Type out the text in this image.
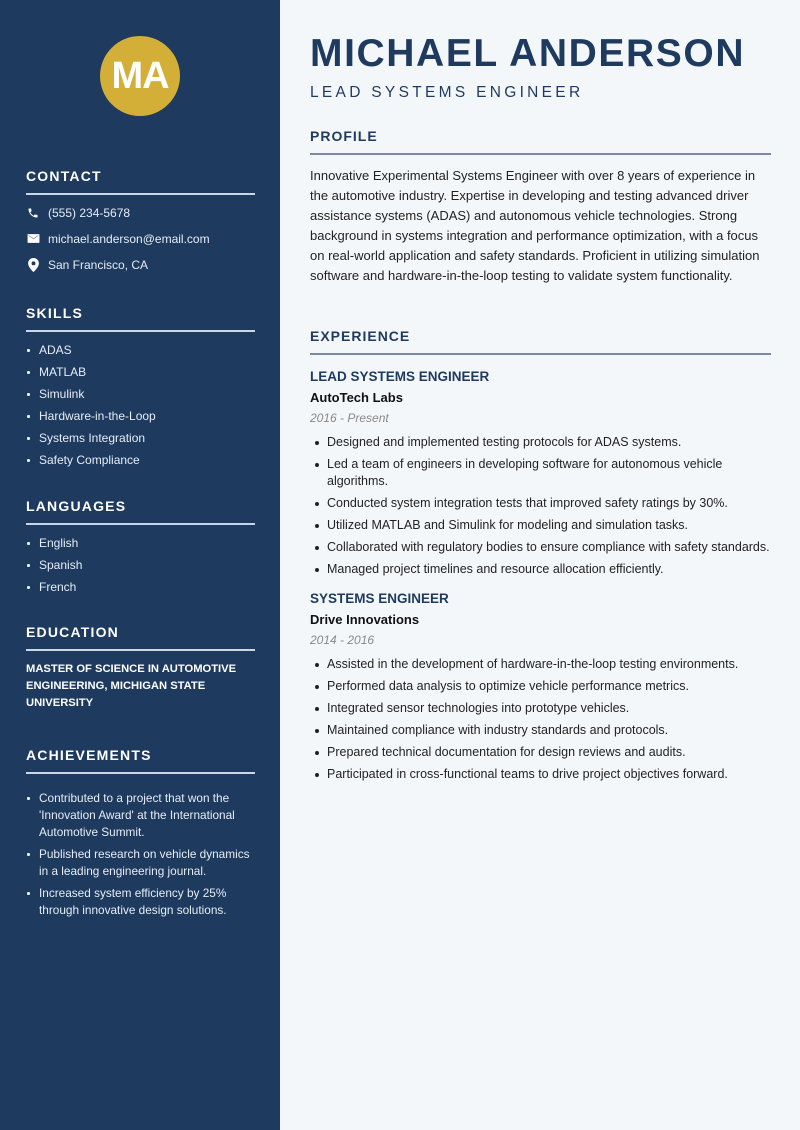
MA
CONTACT
(555) 234-5678
michael.anderson@email.com
San Francisco, CA
SKILLS
ADAS
MATLAB
Simulink
Hardware-in-the-Loop
Systems Integration
Safety Compliance
LANGUAGES
English
Spanish
French
EDUCATION
MASTER OF SCIENCE IN AUTOMOTIVE ENGINEERING, MICHIGAN STATE UNIVERSITY
ACHIEVEMENTS
Contributed to a project that won the 'Innovation Award' at the International Automotive Summit.
Published research on vehicle dynamics in a leading engineering journal.
Increased system efficiency by 25% through innovative design solutions.
MICHAEL ANDERSON
LEAD SYSTEMS ENGINEER
PROFILE

Innovative Experimental Systems Engineer with over 8 years of experience in the automotive industry. Expertise in developing and testing advanced driver assistance systems (ADAS) and autonomous vehicle technologies. Strong background in systems integration and performance optimization, with a focus on real-world application and safety standards. Proficient in utilizing simulation software and hardware-in-the-loop testing to validate system functionality.

EXPERIENCE
LEAD SYSTEMS ENGINEER
AutoTech Labs
2016 - Present
Designed and implemented testing protocols for ADAS systems.
Led a team of engineers in developing software for autonomous vehicle algorithms.
Conducted system integration tests that improved safety ratings by 30%.
Utilized MATLAB and Simulink for modeling and simulation tasks.
Collaborated with regulatory bodies to ensure compliance with safety standards.
Managed project timelines and resource allocation efficiently.
SYSTEMS ENGINEER
Drive Innovations
2014 - 2016
Assisted in the development of hardware-in-the-loop testing environments.
Performed data analysis to optimize vehicle performance metrics.
Integrated sensor technologies into prototype vehicles.
Maintained compliance with industry standards and protocols.
Prepared technical documentation for design reviews and audits.
Participated in cross-functional teams to drive project objectives forward.
